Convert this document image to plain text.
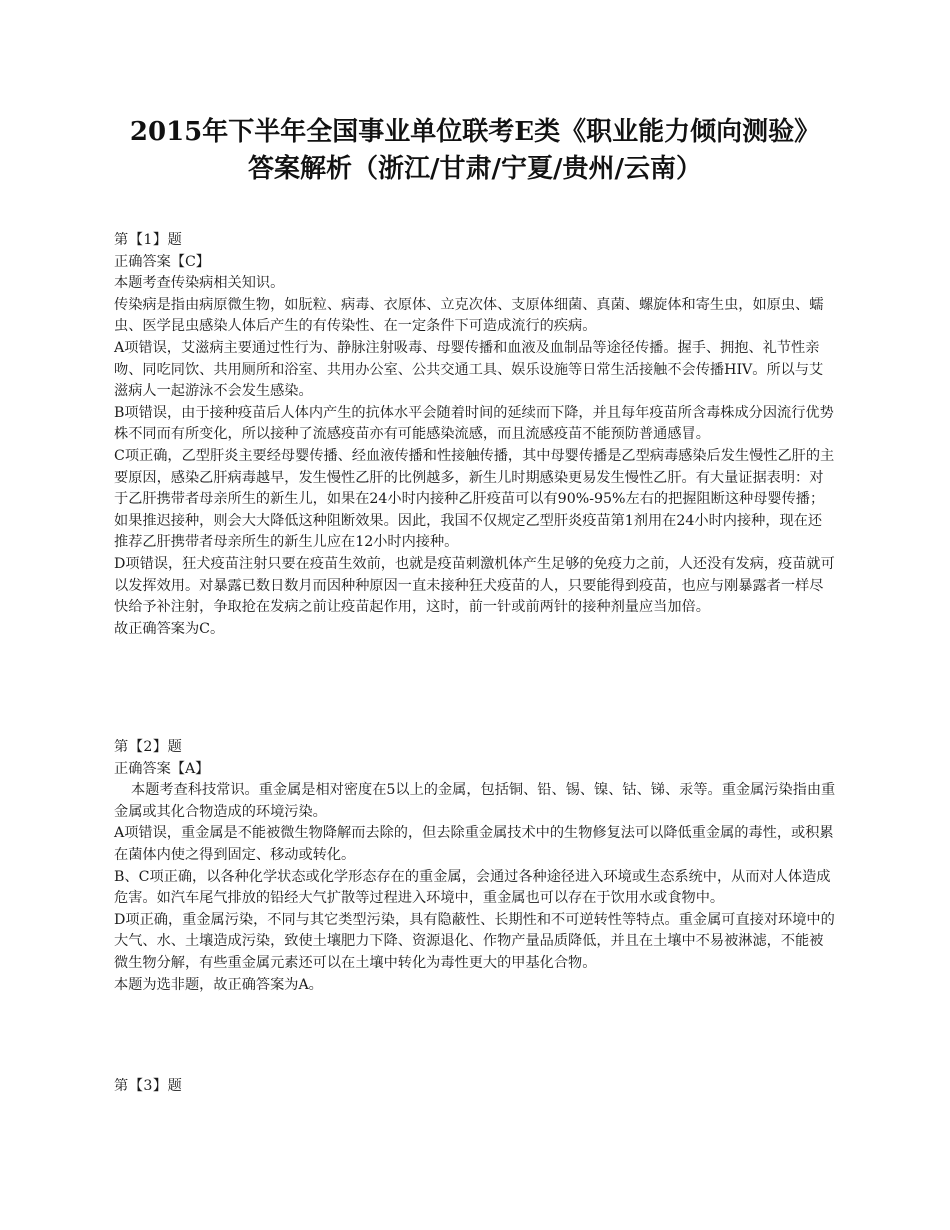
2015年下半年全国事业单位联考E类《职业能力倾向测验》
答案解析（浙江/甘肃/宁夏/贵州/云南）

第【1】题

正确答案【C】

本题考查传染病相关知识。

传染病是指由病原微生物，如朊粒、病毒、衣原体、立克次体、支原体细菌、真菌、螺旋体和寄生虫，如原虫、蠕虫、医学昆虫感染人体后产生的有传染性、在一定条件下可造成流行的疾病。

A项错误，艾滋病主要通过性行为、静脉注射吸毒、母婴传播和血液及血制品等途径传播。握手、拥抱、礼节性亲吻、同吃同饮、共用厕所和浴室、共用办公室、公共交通工具、娱乐设施等日常生活接触不会传播HIV。所以与艾滋病人一起游泳不会发生感染。

B项错误，由于接种疫苗后人体内产生的抗体水平会随着时间的延续而下降，并且每年疫苗所含毒株成分因流行优势株不同而有所变化，所以接种了流感疫苗亦有可能感染流感，而且流感疫苗不能预防普通感冒。

C项正确，乙型肝炎主要经母婴传播、经血液传播和性接触传播，其中母婴传播是乙型病毒感染后发生慢性乙肝的主要原因，感染乙肝病毒越早，发生慢性乙肝的比例越多，新生儿时期感染更易发生慢性乙肝。有大量证据表明：对于乙肝携带者母亲所生的新生儿，如果在24小时内接种乙肝疫苗可以有90%-95%左右的把握阻断这种母婴传播；如果推迟接种，则会大大降低这种阻断效果。因此，我国不仅规定乙型肝炎疫苗第1剂用在24小时内接种，现在还推荐乙肝携带者母亲所生的新生儿应在12小时内接种。

D项错误，狂犬疫苗注射只要在疫苗生效前，也就是疫苗刺激机体产生足够的免疫力之前，人还没有发病，疫苗就可以发挥效用。对暴露已数日数月而因种种原因一直未接种狂犬疫苗的人，只要能得到疫苗，也应与刚暴露者一样尽快给予补注射，争取抢在发病之前让疫苗起作用，这时，前一针或前两针的接种剂量应当加倍。

故正确答案为C。

第【2】题

正确答案【A】

本题考查科技常识。重金属是相对密度在5以上的金属，包括铜、铅、锡、镍、钴、锑、汞等。重金属污染指由重金属或其化合物造成的环境污染。

A项错误，重金属是不能被微生物降解而去除的，但去除重金属技术中的生物修复法可以降低重金属的毒性，或积累在菌体内使之得到固定、移动或转化。

B、C项正确，以各种化学状态或化学形态存在的重金属，会通过各种途径进入环境或生态系统中，从而对人体造成危害。如汽车尾气排放的铅经大气扩散等过程进入环境中，重金属也可以存在于饮用水或食物中。

D项正确，重金属污染，不同与其它类型污染，具有隐蔽性、长期性和不可逆转性等特点。重金属可直接对环境中的大气、水、土壤造成污染，致使土壤肥力下降、资源退化、作物产量品质降低，并且在土壤中不易被淋滤，不能被微生物分解，有些重金属元素还可以在土壤中转化为毒性更大的甲基化合物。

本题为选非题，故正确答案为A。

第【3】题
